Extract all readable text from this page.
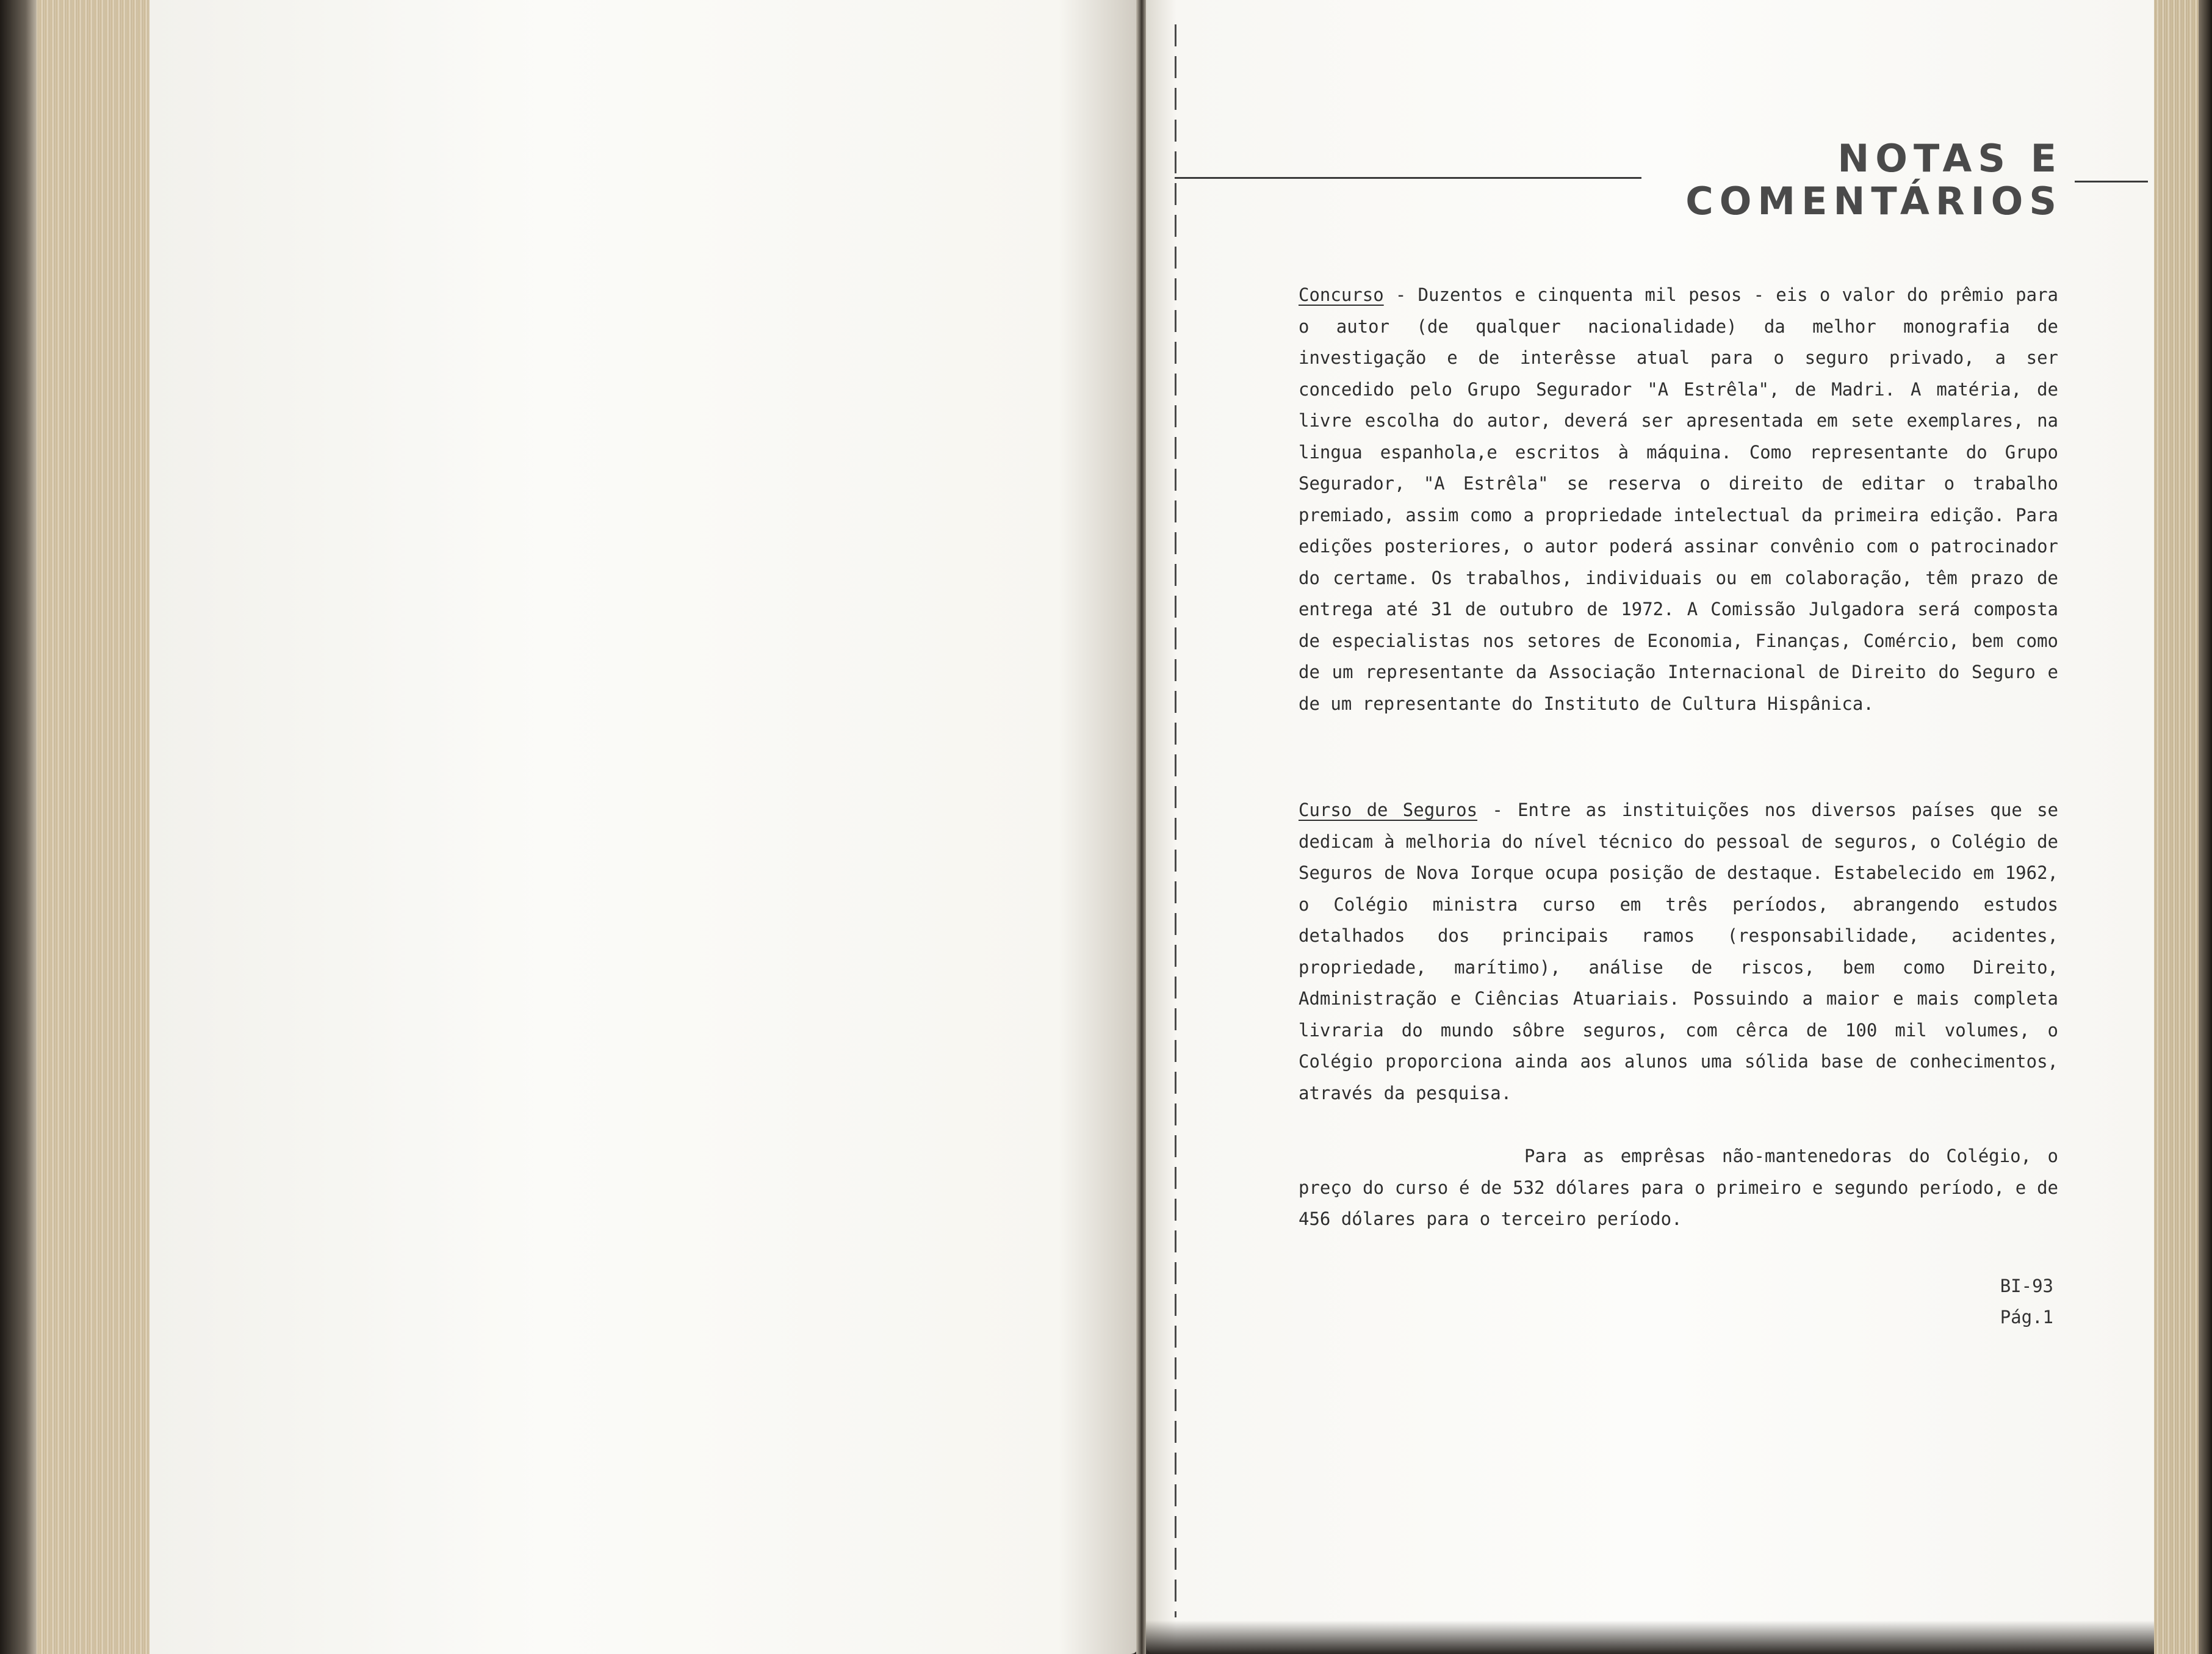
NOTAS E
COMENTÁRIOS
Concurso - Duzentos e cinquenta mil pesos - eis o valor do prêmio para o autor (de qualquer nacionalidade) da melhor monografia de investigação e de interêsse atual para o seguro privado, a ser concedido pelo Grupo Segurador "A Estrêla", de Madri. A matéria, de livre escolha do autor, deverá ser apresentada em sete exemplares, na lingua espanhola,e escritos à máquina. Como representante do Grupo Segurador, "A Estrêla" se reserva o direito de editar o trabalho premiado, assim como a propriedade intelectual da primeira edição. Para edições posteriores, o autor poderá assinar convênio com o patrocinador do certame. Os trabalhos, individuais ou em colaboração, têm prazo de entrega até 31 de outubro de 1972. A Comissão Julgadora será composta de especialistas nos setores de Economia, Finanças, Comércio, bem como de um representante da Associação Internacional de Direito do Seguro e de um representante do Instituto de Cultura Hispânica.
Curso de Seguros - Entre as instituições nos diversos países que se dedicam à melhoria do nível técnico do pessoal de seguros, o Colégio de Seguros de Nova Iorque ocupa posição de destaque. Estabelecido em 1962, o Colégio ministra curso em três períodos, abrangendo estudos detalhados dos principais ramos (responsabilidade, acidentes, propriedade, marítimo), análise de riscos, bem como Direito, Administração e Ciências Atuariais. Possuindo a maior e mais completa livraria do mundo sôbre seguros, com cêrca de 100 mil volumes, o Colégio proporciona ainda aos alunos uma sólida base de conhecimentos, através da pesquisa.
Para as emprêsas não-mantenedoras do Colégio, o preço do curso é de 532 dólares para o primeiro e segundo período, e de 456 dólares para o terceiro período.
BI-93
Pág.1
